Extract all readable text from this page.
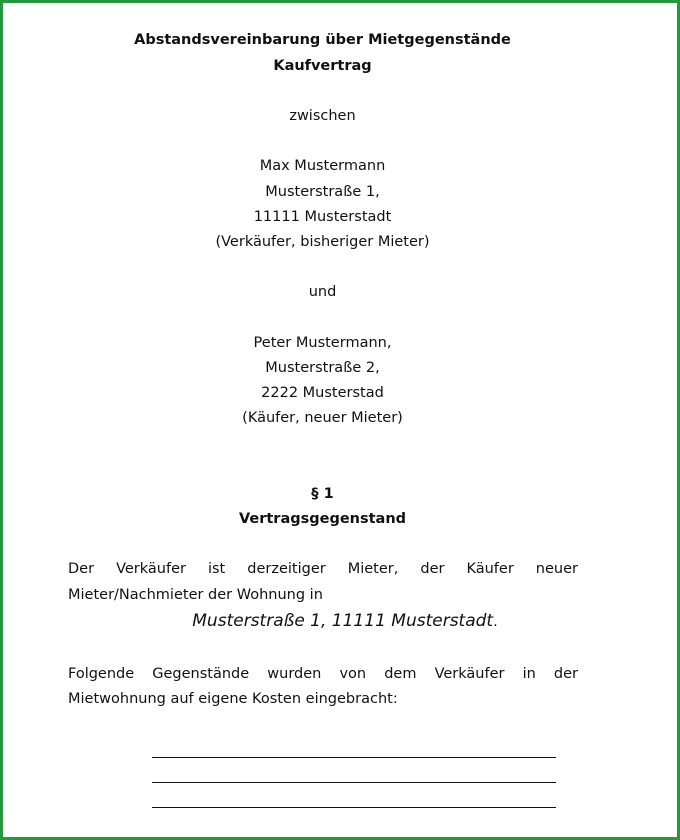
Abstandsvereinbarung über Mietgegenstände
Kaufvertrag
zwischen
Max Mustermann
Musterstraße 1,
11111 Musterstadt
(Verkäufer, bisheriger Mieter)
und
Peter Mustermann,
Musterstraße 2,
2222 Musterstad
(Käufer, neuer Mieter)
§ 1
Vertragsgegenstand
Der Verkäufer ist derzeitiger Mieter, der Käufer neuer
Mieter/Nachmieter der Wohnung in
Musterstraße 1, 11111 Musterstadt.
Folgende Gegenstände wurden von dem Verkäufer in der
Mietwohnung auf eigene Kosten eingebracht:
